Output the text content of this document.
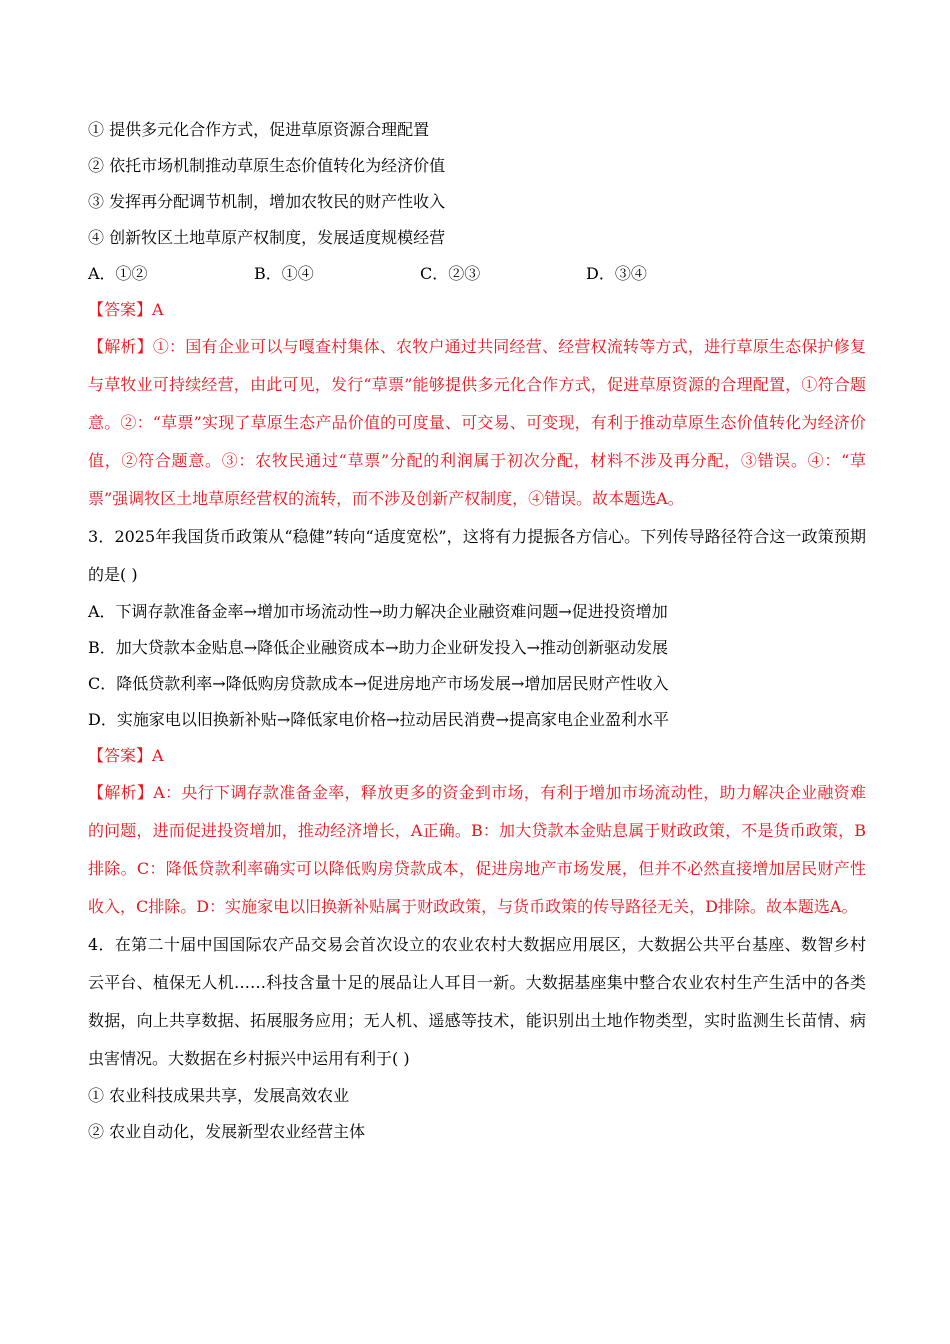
① 提供多元化合作方式，促进草原资源合理配置
② 依托市场机制推动草原生态价值转化为经济价值
③ 发挥再分配调节机制，增加农牧民的财产性收入
④ 创新牧区土地草原产权制度，发展适度规模经营
A．①②	B．①④	C．②③	D．③④
【答案】A
【解析】①：国有企业可以与嘎查村集体、农牧户通过共同经营、经营权流转等方式，进行草原生态保护修复与草牧业可持续经营，由此可见，发行“草票”能够提供多元化合作方式，促进草原资源的合理配置，①符合题意。②：“草票”实现了草原生态产品价值的可度量、可交易、可变现，有利于推动草原生态价值转化为经济价值，②符合题意。③：农牧民通过“草票”分配的利润属于初次分配，材料不涉及再分配，③错误。④：“草票”强调牧区土地草原经营权的流转，而不涉及创新产权制度，④错误。故本题选A。
3．2025年我国货币政策从“稳健”转向“适度宽松”，这将有力提振各方信心。下列传导路径符合这一政策预期的是( )
A．下调存款准备金率→增加市场流动性→助力解决企业融资难问题→促进投资增加
B．加大贷款本金贴息→降低企业融资成本→助力企业研发投入→推动创新驱动发展
C．降低贷款利率→降低购房贷款成本→促进房地产市场发展→增加居民财产性收入
D．实施家电以旧换新补贴→降低家电价格→拉动居民消费→提高家电企业盈利水平
【答案】A
【解析】A：央行下调存款准备金率，释放更多的资金到市场，有利于增加市场流动性，助力解决企业融资难的问题，进而促进投资增加，推动经济增长，A正确。B：加大贷款本金贴息属于财政政策，不是货币政策，B排除。C：降低贷款利率确实可以降低购房贷款成本，促进房地产市场发展，但并不必然直接增加居民财产性收入，C排除。D：实施家电以旧换新补贴属于财政政策，与货币政策的传导路径无关，D排除。故本题选A。
4．在第二十届中国国际农产品交易会首次设立的农业农村大数据应用展区，大数据公共平台基座、数智乡村云平台、植保无人机……科技含量十足的展品让人耳目一新。大数据基座集中整合农业农村生产生活中的各类数据，向上共享数据、拓展服务应用；无人机、遥感等技术，能识别出土地作物类型，实时监测生长苗情、病虫害情况。大数据在乡村振兴中运用有利于( )
① 农业科技成果共享，发展高效农业
② 农业自动化，发展新型农业经营主体
